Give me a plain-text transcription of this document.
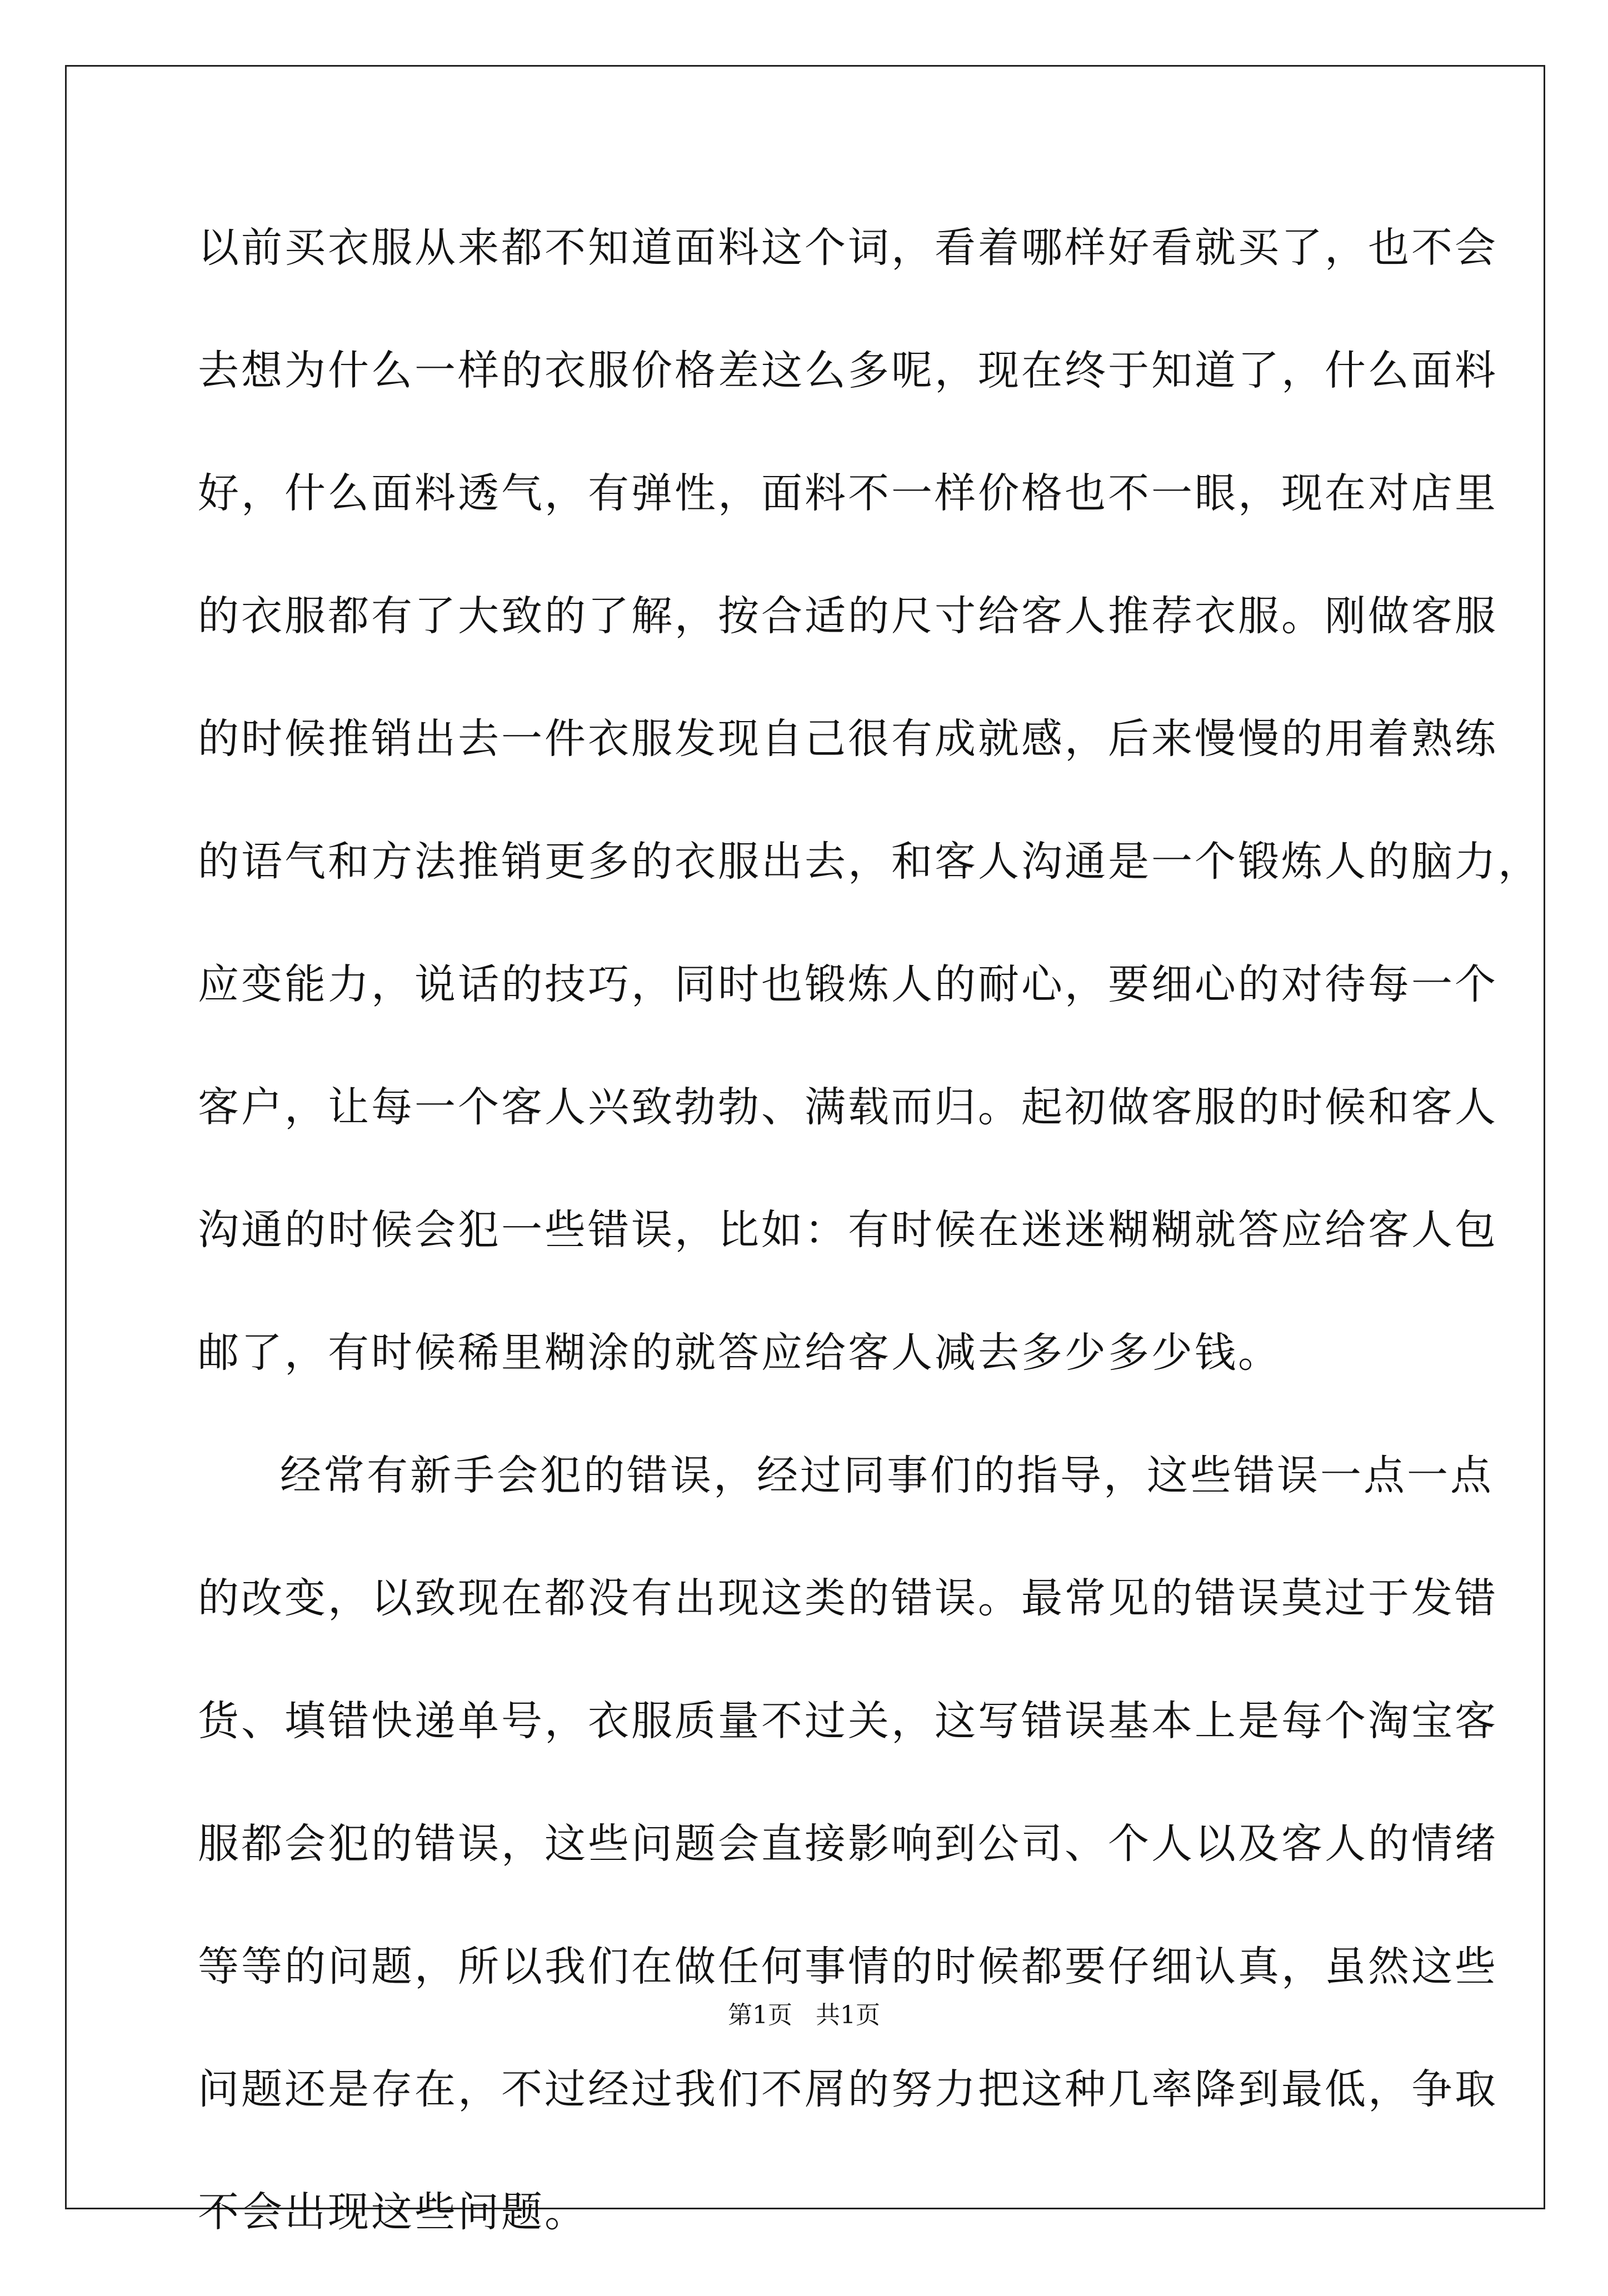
以前买衣服从来都不知道面料这个词，看着哪样好看就买了，也不会
去想为什么一样的衣服价格差这么多呢，现在终于知道了，什么面料
好，什么面料透气，有弹性，面料不一样价格也不一眼，现在对店里
的衣服都有了大致的了解，按合适的尺寸给客人推荐衣服。刚做客服
的时候推销出去一件衣服发现自己很有成就感，后来慢慢的用着熟练
的语气和方法推销更多的衣服出去，和客人沟通是一个锻炼人的脑力，
应变能力，说话的技巧，同时也锻炼人的耐心，要细心的对待每一个
客户，让每一个客人兴致勃勃、满载而归。起初做客服的时候和客人
沟通的时候会犯一些错误，比如：有时候在迷迷糊糊就答应给客人包
邮了，有时候稀里糊涂的就答应给客人减去多少多少钱。
经常有新手会犯的错误，经过同事们的指导，这些错误一点一点
的改变，以致现在都没有出现这类的错误。最常见的错误莫过于发错
货、填错快递单号，衣服质量不过关，这写错误基本上是每个淘宝客
服都会犯的错误，这些问题会直接影响到公司、个人以及客人的情绪
等等的问题，所以我们在做任何事情的时候都要仔细认真，虽然这些
问题还是存在，不过经过我们不屑的努力把这种几率降到最低，争取
不会出现这些问题。
第1页   共1页
